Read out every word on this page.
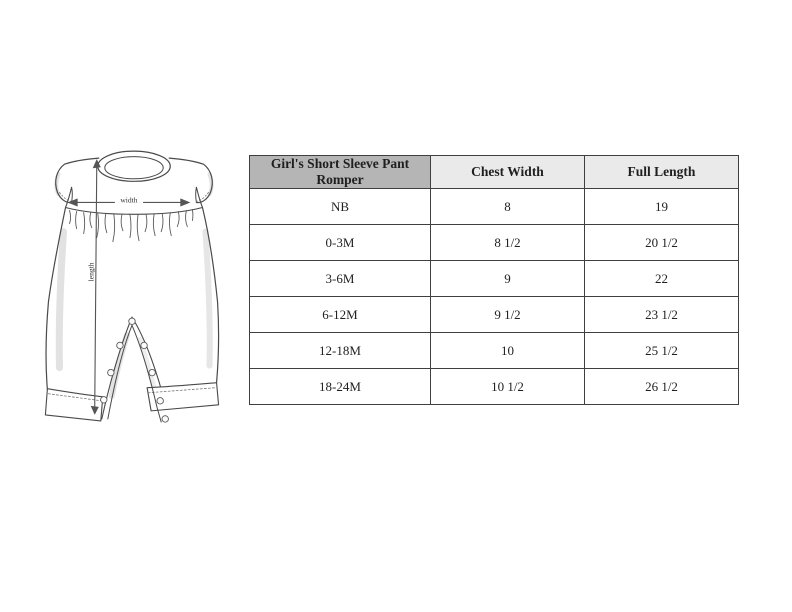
width
length
Girl's Short Sleeve Pant Romper	Chest Width	Full Length
NB	8	19
0-3M	8 1/2	20 1/2
3-6M	9	22
6-12M	9 1/2	23 1/2
12-18M	10	25 1/2
18-24M	10 1/2	26 1/2
